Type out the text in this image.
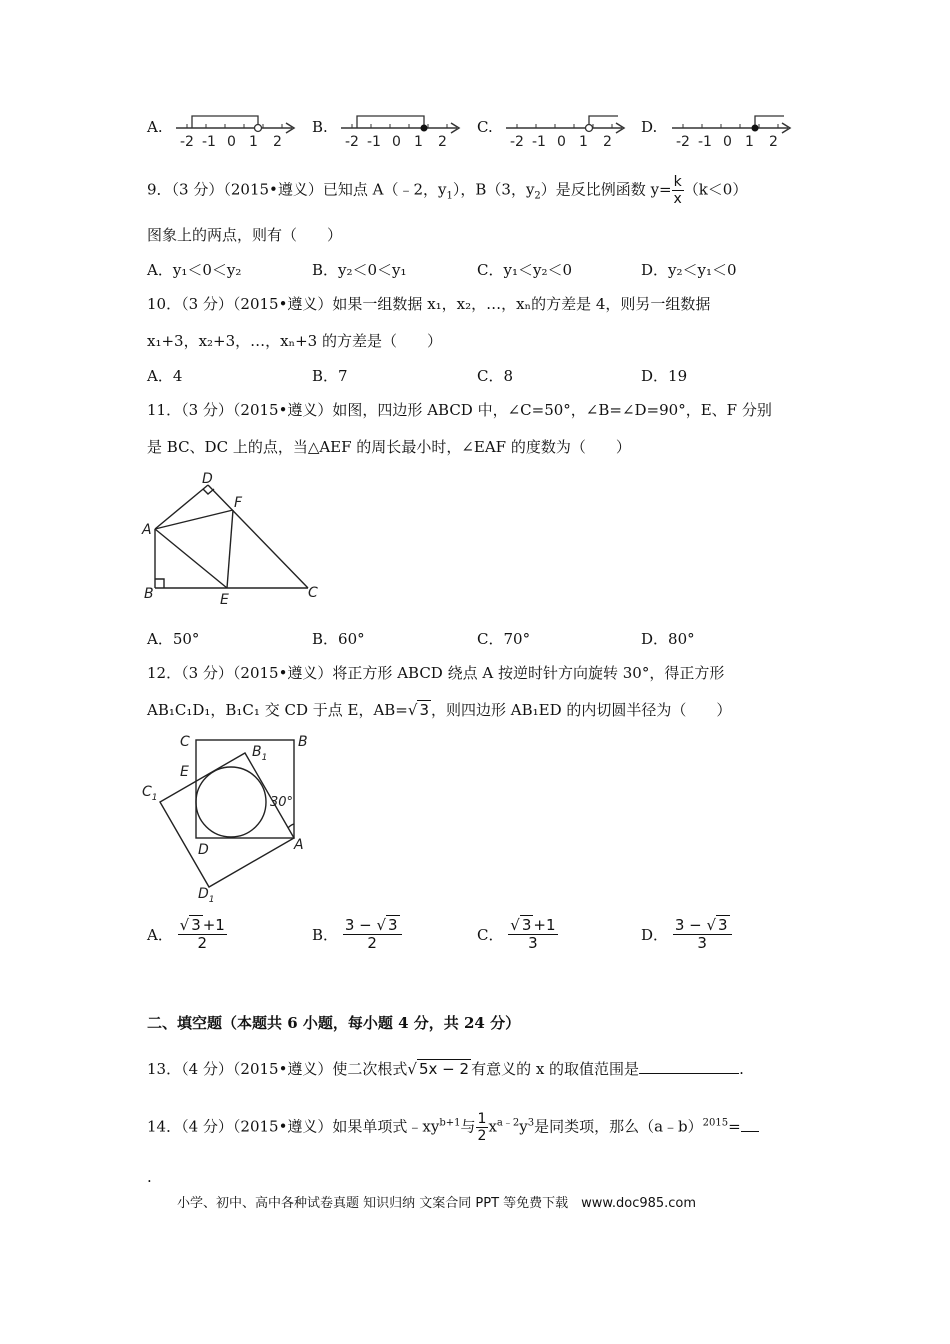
A.
-2 -1 0 1 2
B.
-2 -1 0 1 2
C.
-2 -1 0 1 2
D.
-2 -1 0 1 2
9．（3 分）（2015•遵义）已知点 A（﹣2，$y_1$），B（3，$y_2$）是反比例函数 $y= \frac{k}{x} (k<0)$
图象上的两点，则有（　　）
A．y₁＜0＜y₂	B．y₂＜0＜y₁	C．y₁＜y₂＜0	D．y₂＜y₁＜0
10．（3 分）（2015•遵义）如果一组数据 x₁，x₂，…，xₙ的方差是 4，则另一组数据
x₁+3，x₂+3，…，xₙ+3 的方差是（　　）
A．4	B．7	C．8	D．19
11．（3 分）（2015•遵义）如图，四边形 ABCD 中，∠C=50°，∠B=∠D=90°，E、F 分别
是 BC、DC 上的点，当△AEF 的周长最小时，∠EAF 的度数为（　　）
A
B	C
D
E
F
A．50°	B．60°	C．70°	D．80°
12．（3 分）（2015•遵义）将正方形 ABCD 绕点 A 按逆时针方向旋转 30°，得正方形
AB₁C₁D₁，B₁C₁ 交 CD 于点 E，AB=√ 3 ，则四边形 AB₁ED 的内切圆半径为（　　）
C	B
$B_1$
E
$C_1$	30°
D	A
$D_1$
A． $\frac{√ 3 +1}{2}$	B． $\frac{3 - √ 3}{2}$	C． $\frac{√ 3 +1}{3}$	D． $\frac{3 - √ 3}{3}$
二、填空题（本题共 6 小题，每小题 4 分，共 24 分）
13．（4 分）（2015•遵义）使二次根式√ 5x − 2 有意义的 x 的取值范围是	.
14．（4 分）（2015•遵义）如果单项式$﹣xy^{b+1}$与 $\frac{1}{2} x^{a﹣2}y^3$是同类项，那么（a﹣b）$^{2015}$=
.
小学、初中、高中各种试卷真题 知识归纳 文案合同 PPT 等免费下载　www.doc985.com
